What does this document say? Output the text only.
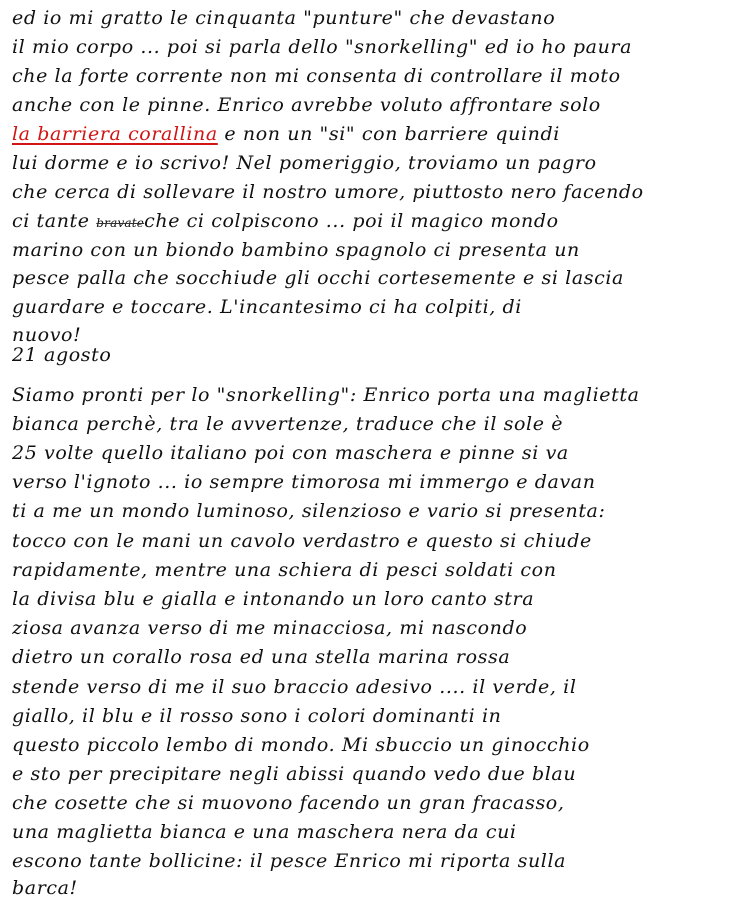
ed io mi gratto le cinquanta "punture" che devastano
il mio corpo ... poi si parla dello "snorkelling" ed io ho paura
che la forte corrente non mi consenta di controllare il moto
anche con le pinne. Enrico avrebbe voluto affrontare solo
la barriera corallina e non un "si" con barriere quindi
lui dorme e io scrivo! Nel pomeriggio, troviamo un pagro
che cerca di sollevare il nostro umore, piuttosto nero facendo
ci tante bravateche ci colpiscono ... poi il magico mondo
marino con un biondo bambino spagnolo ci presenta un
pesce palla che socchiude gli occhi cortesemente e si lascia
guardare e toccare. L'incantesimo ci ha colpiti, di
nuovo!
21 agosto
Siamo pronti per lo "snorkelling": Enrico porta una maglietta
bianca perchè, tra le avvertenze, traduce che il sole è
25 volte quello italiano poi con maschera e pinne si va
verso l'ignoto ... io sempre timorosa mi immergo e davan
ti a me un mondo luminoso, silenzioso e vario si presenta:
tocco con le mani un cavolo verdastro e questo si chiude
rapidamente, mentre una schiera di pesci soldati con
la divisa blu e gialla e intonando un loro canto stra
ziosa avanza verso di me minacciosa, mi nascondo
dietro un corallo rosa ed una stella marina rossa
stende verso di me il suo braccio adesivo .... il verde, il
giallo, il blu e il rosso sono i colori dominanti in
questo piccolo lembo di mondo. Mi sbuccio un ginocchio
e sto per precipitare negli abissi quando vedo due blau
che cosette che si muovono facendo un gran fracasso,
una maglietta bianca e una maschera nera da cui
escono tante bollicine: il pesce Enrico mi riporta sulla
barca!
